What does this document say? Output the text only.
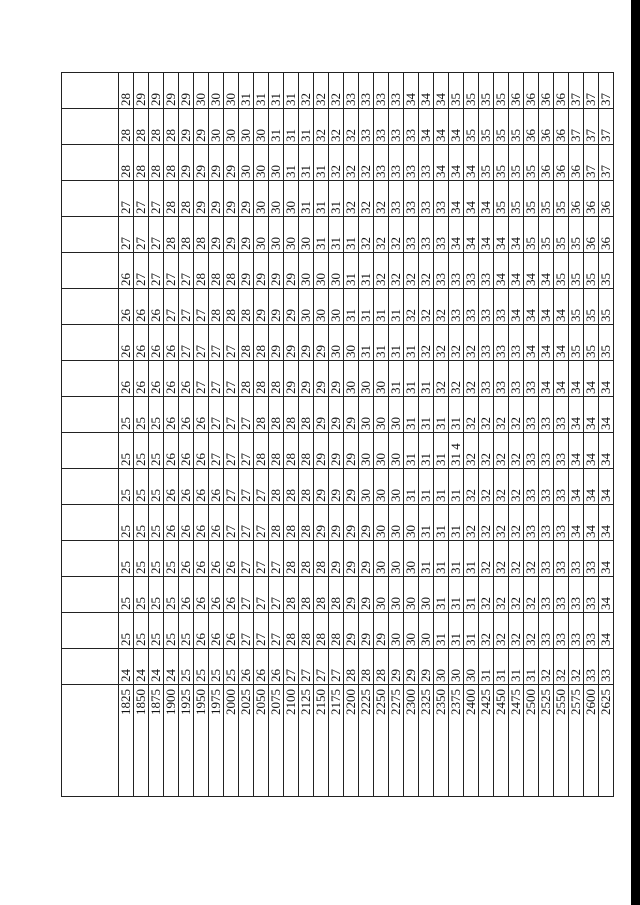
4

1825	24	25	25	25	25	25	25	25	26	26	26	26	27	27	28	28	28
1850	24	25	25	25	25	25	25	25	26	26	26	27	27	27	28	28	29
1875	24	25	25	25	25	25	25	25	26	26	26	27	27	27	28	28	29
1900	24	25	25	25	26	26	26	26	26	26	27	27	28	28	28	28	29
1925	25	25	26	26	26	26	26	26	26	27	27	27	28	28	29	29	29
1950	25	26	26	26	26	26	26	26	27	27	27	28	28	29	29	29	30
1975	25	26	26	26	26	26	27	27	27	27	28	28	29	29	29	30	30
2000	25	26	26	26	27	27	27	27	27	27	28	28	29	29	29	30	30
2025	26	27	27	27	27	27	27	27	28	28	28	29	29	29	30	30	31
2050	26	27	27	27	27	27	28	28	28	28	29	29	30	30	30	30	31
2075	26	27	27	27	28	28	28	28	28	29	29	29	30	30	30	31	31
2100	27	28	28	28	28	28	28	28	29	29	29	29	30	30	31	31	31
2125	27	28	28	28	28	28	28	28	29	29	30	30	30	31	31	31	32
2150	27	28	28	28	29	29	29	29	29	29	30	30	31	31	31	32	32
2175	27	28	28	29	29	29	29	29	29	30	30	30	31	31	32	32	32
2200	28	29	29	29	29	29	29	29	30	30	31	31	31	32	32	32	33
2225	28	29	29	29	29	30	30	30	30	31	31	31	32	32	32	33	33
2250	28	29	30	30	30	30	30	30	30	31	31	32	32	32	33	33	33
2275	29	30	30	30	30	30	30	30	31	31	31	32	32	33	33	33	33
2300	29	30	30	30	30	31	31	31	31	31	32	32	33	33	33	33	34
2325	29	30	30	31	31	31	31	31	31	32	32	32	33	33	33	34	34
2350	30	31	31	31	31	31	31	31	32	32	32	33	33	33	34	34	34
2375	30	31	31	31	31	31	31	31	32	32	33	33	34	34	34	34	35
2400	30	31	31	31	32	32	32	32	32	32	33	33	34	34	34	35	35
2425	31	32	32	32	32	32	32	32	33	33	33	33	34	34	35	35	35
2450	31	32	32	32	32	32	32	32	33	33	33	34	34	35	35	35	35
2475	31	32	32	32	32	32	32	32	33	33	34	34	34	35	35	35	36
2500	31	32	32	32	33	33	33	33	33	34	34	34	35	35	35	36	36
2525	32	33	33	33	33	33	33	33	34	34	34	34	35	35	36	36	36
2550	32	33	33	33	33	33	33	33	34	34	34	35	35	35	36	36	36
2575	32	33	33	33	34	34	34	34	34	35	35	35	35	36	36	37	37
2600	33	33	33	33	34	34	34	34	34	35	35	35	36	36	37	37	37
2625	33	34	34	34	34	34	34	34	34	35	35	35	36	36	37	37	37
